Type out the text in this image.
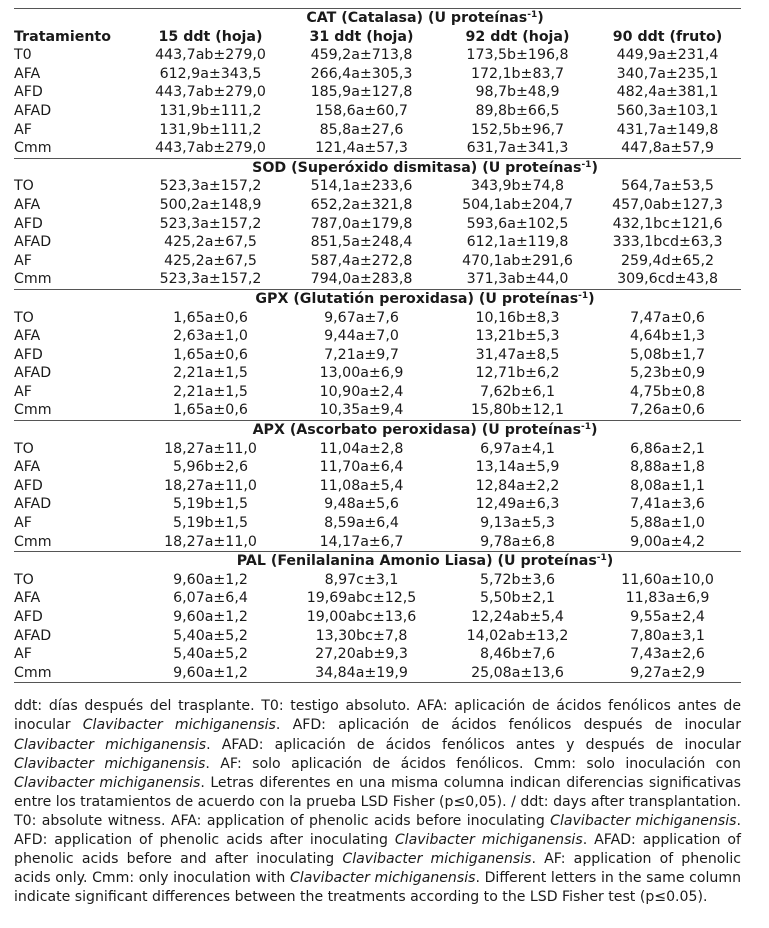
CAT (Catalasa) (U proteínas$^{-1}$)				
Tratamiento	15 ddt (hoja)	31 ddt (hoja)	92 ddt (hoja)	90 ddt (fruto)
T0	443,7ab±279,0	459,2a±713,8	173,5b±196,8	449,9a±231,4
AFA	612,9a±343,5	266,4a±305,3	172,1b±83,7	340,7a±235,1
AFD	443,7ab±279,0	185,9a±127,8	98,7b±48,9	482,4a±381,1
AFAD	131,9b±111,2	158,6a±60,7	89,8b±66,5	560,3a±103,1
AF	131,9b±111,2	85,8a±27,6	152,5b±96,7	431,7a±149,8
Cmm	443,7ab±279,0	121,4a±57,3	631,7a±341,3	447,8a±57,9
SOD (Superóxido dismitasa) (U proteínas$^{-1}$)				
TO	523,3a±157,2	514,1a±233,6	343,9b±74,8	564,7a±53,5
AFA	500,2a±148,9	652,2a±321,8	504,1ab±204,7	457,0ab±127,3
AFD	523,3a±157,2	787,0a±179,8	593,6a±102,5	432,1bc±121,6
AFAD	425,2a±67,5	851,5a±248,4	612,1a±119,8	333,1bcd±63,3
AF	425,2a±67,5	587,4a±272,8	470,1ab±291,6	259,4d±65,2
Cmm	523,3a±157,2	794,0a±283,8	371,3ab±44,0	309,6cd±43,8
GPX (Glutatión peroxidasa) (U proteínas$^{-1}$)				
TO	1,65a±0,6	9,67a±7,6	10,16b±8,3	7,47a±0,6
AFA	2,63a±1,0	9,44a±7,0	13,21b±5,3	4,64b±1,3
AFD	1,65a±0,6	7,21a±9,7	31,47a±8,5	5,08b±1,7
AFAD	2,21a±1,5	13,00a±6,9	12,71b±6,2	5,23b±0,9
AF	2,21a±1,5	10,90a±2,4	7,62b±6,1	4,75b±0,8
Cmm	1,65a±0,6	10,35a±9,4	15,80b±12,1	7,26a±0,6
APX (Ascorbato peroxidasa) (U proteínas$^{-1}$)				
TO	18,27a±11,0	11,04a±2,8	6,97a±4,1	6,86a±2,1
AFA	5,96b±2,6	11,70a±6,4	13,14a±5,9	8,88a±1,8
AFD	18,27a±11,0	11,08a±5,4	12,84a±2,2	8,08a±1,1
AFAD	5,19b±1,5	9,48a±5,6	12,49a±6,3	7,41a±3,6
AF	5,19b±1,5	8,59a±6,4	9,13a±5,3	5,88a±1,0
Cmm	18,27a±11,0	14,17a±6,7	9,78a±6,8	9,00a±4,2
PAL (Fenilalanina Amonio Liasa) (U proteínas$^{-1}$)				
TO	9,60a±1,2	8,97c±3,1	5,72b±3,6	11,60a±10,0
AFA	6,07a±6,4	19,69abc±12,5	5,50b±2,1	11,83a±6,9
AFD	9,60a±1,2	19,00abc±13,6	12,24ab±5,4	9,55a±2,4
AFAD	5,40a±5,2	13,30bc±7,8	14,02ab±13,2	7,80a±3,1
AF	5,40a±5,2	27,20ab±9,3	8,46b±7,6	7,43a±2,6
Cmm	9,60a±1,2	34,84a±19,9	25,08a±13,6	9,27a±2,9
ddt: días después del trasplante. T0: testigo absoluto. AFA: aplicación de ácidos fenólicos antes de inocular Clavibacter michiganensis. AFD: aplicación de ácidos fenólicos después de inocular Clavibacter michiganensis. AFAD: aplicación de ácidos fenólicos antes y después de inocular Clavibacter michiganensis. AF: solo aplicación de ácidos fenólicos. Cmm: solo inoculación con Clavibacter michiganensis. Letras diferentes en una misma columna indican diferencias significativas entre los tratamientos de acuerdo con la prueba LSD Fisher (p≤0,05). / ddt: days after transplantation. T0: absolute witness. AFA: application of phenolic acids before inoculating Clavibacter michiganensis. AFD: application of phenolic acids after inoculating Clavibacter michiganensis. AFAD: application of phenolic acids before and after inoculating Clavibacter michiganensis. AF: application of phenolic acids only. Cmm: only inoculation with Clavibacter michiganensis. Different letters in the same column indicate significant differences between the treatments according to the LSD Fisher test (p≤0.05).
